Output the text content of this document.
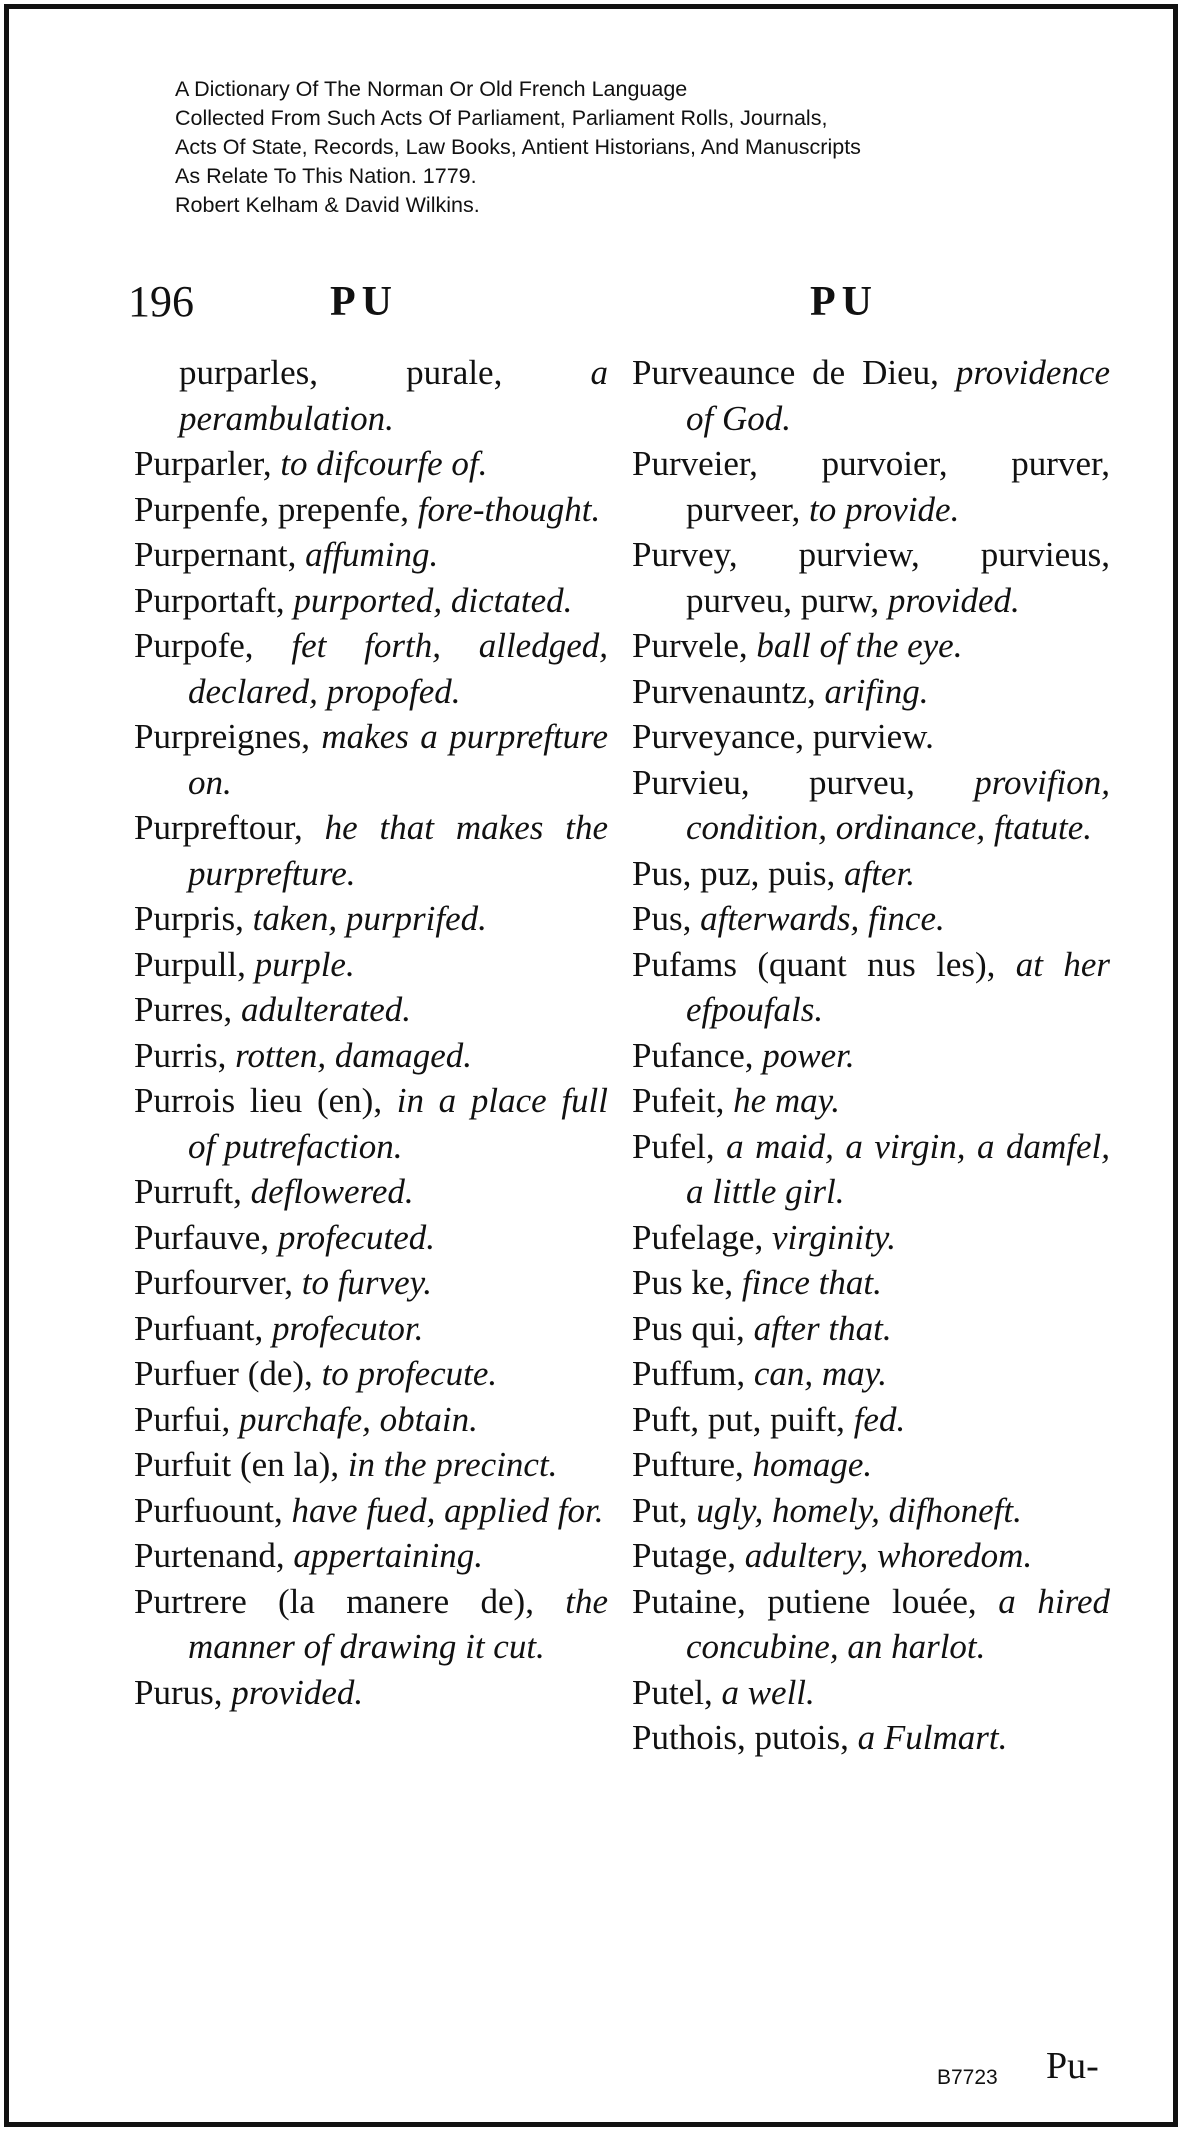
A Dictionary Of The Norman Or Old French Language
Collected From Such Acts Of Parliament, Parliament Rolls, Journals,
Acts Of State, Records, Law Books, Antient Historians, And Manuscripts
As Relate To This Nation. 1779.
Robert Kelham & David Wilkins.
196	PU	PU

purparles, purale,	a perambulation.

Purparler, to difcourfe of.

Purpenfe, prepenfe, fore-thought.

Purpernant, affuming.

Purportaft, purported, dictated.

Purpofe, fet forth, alledged, declared, propofed.

Purpreignes, makes a purprefture on.

Purpreftour, he that makes the purprefture.

Purpris, taken, purprifed.

Purpull, purple.

Purres, adulterated.

Purris, rotten, damaged.

Purrois lieu (en), in a place full of putrefaction.

Purruft, deflowered.

Purfauve, profecuted.

Purfourver, to furvey.

Purfuant, profecutor.

Purfuer (de), to profecute.

Purfui, purchafe, obtain.

Purfuit (en la), in the precinct.

Purfuount, have fued, applied for.

Purtenand, appertaining.

Purtrere (la manere de), the manner of drawing it cut.

Purus, provided.

Purveaunce de Dieu, providence of God.

Purveier, purvoier, purver, purveer, to provide.

Purvey, purview, purvieus, purveu, purw, provided.

Purvele, ball of the eye.

Purvenauntz, arifing.

Purveyance, purview.

Purvieu, purveu, provifion, condition, ordinance, ftatute.

Pus, puz, puis, after.

Pus, afterwards, fince.

Pufams (quant nus les), at her efpoufals.

Pufance, power.

Pufeit, he may.

Pufel, a maid, a virgin, a damfel, a little girl.

Pufelage, virginity.

Pus ke, fince that.

Pus qui, after that.

Puffum, can, may.

Puft, put, puift, fed.

Pufture, homage.

Put, ugly, homely, difhoneft.

Putage, adultery, whoredom.

Putaine, putiene louée, a hired concubine, an harlot.

Putel, a well.

Puthois, putois, a Fulmart.

B7723 Pu-
